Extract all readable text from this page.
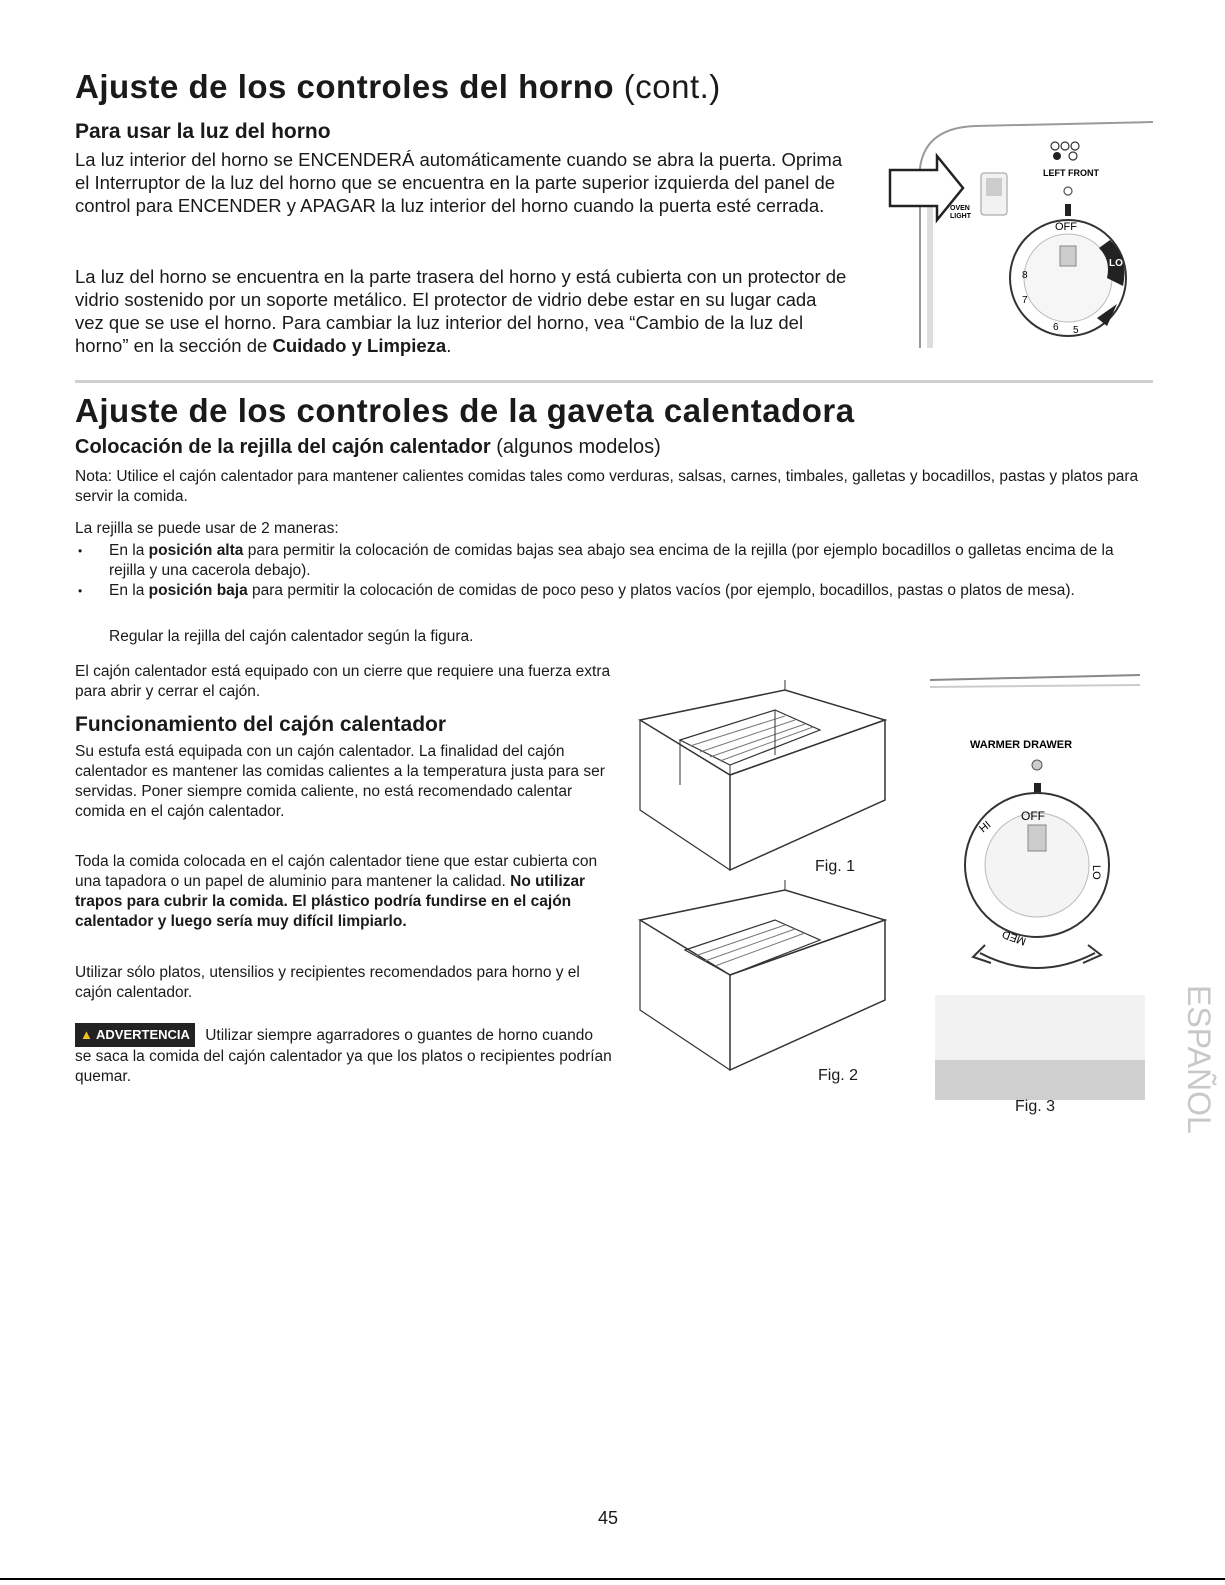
Ajuste de los controles del horno (cont.)
Para usar la luz del horno

La luz interior del horno se ENCENDERÁ automáticamente cuando se abra la puerta. Oprima el Interruptor de la luz del horno que se encuentra en la parte superior izquierda del panel de control para ENCENDER y APAGAR la luz interior del horno cuando la puerta esté cerrada.

La luz del horno se encuentra en la parte trasera del horno y está cubierta con un protector de vidrio sostenido por un soporte metálico. El protector de vidrio debe estar en su lugar cada vez que se use el horno. Para cambiar la luz interior del horno, vea “Cambio de la luz del horno” en la sección de Cuidado y Limpieza.

OVEN
LIGHT
LEFT FRONT
OFF
LO
8
7
6 5
Ajuste de los controles de la gaveta calentadora
Colocación de la rejilla del cajón calentador (algunos modelos)

Nota: Utilice el cajón calentador para mantener calientes comidas tales como verduras, salsas, carnes, timbales, galletas y bocadillos, pastas y platos para servir la comida.

La rejilla se puede usar de 2 maneras:

• En la posición alta para permitir la colocación de comidas bajas sea abajo sea encima de la rejilla (por ejemplo bocadillos o galletas encima de la rejilla y una cacerola debajo).
• En la posición baja para permitir la colocación de comidas de poco peso y platos vacíos (por ejemplo, bocadillos, pastas o platos de mesa).

Regular la rejilla del cajón calentador según la figura.

El cajón calentador está equipado con un cierre que requiere una fuerza extra para abrir y cerrar el cajón.

Funcionamiento del cajón calentador

Su estufa está equipada con un cajón calentador. La finalidad del cajón calentador es mantener las comidas calientes a la temperatura justa para ser servidas. Poner siempre comida caliente, no está recomendado calentar comida en el cajón calentador.

Toda la comida colocada en el cajón calentador tiene que estar cubierta con una tapadora o un papel de aluminio para mantener la calidad. No utilizar trapos para cubrir la comida. El plástico podría fundirse en el cajón calentador y luego sería muy difícil limpiarlo.

Utilizar sólo platos, utensilios y recipientes recomendados para horno y el cajón calentador.

▲ ADVERTENCIA Utilizar siempre agarradores o guantes de horno cuando se saca la comida del cajón calentador ya que los platos o recipientes podrían quemar.

Fig. 1
Fig. 2
WARMER DRAWER
OFF
HI
LO
MED
Fig. 3	ESPAÑOL
45
